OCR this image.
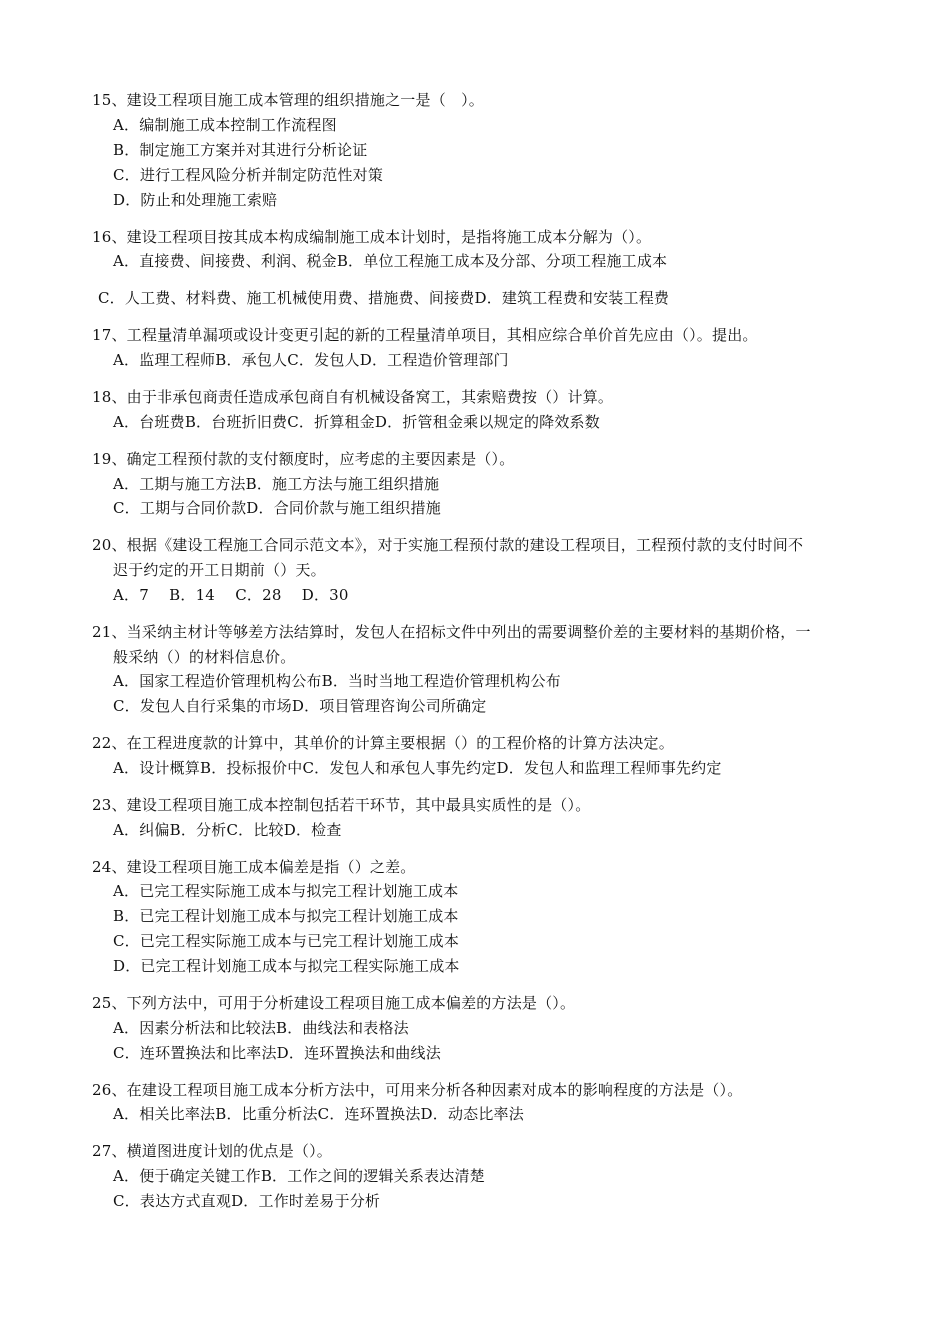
15、建设工程项目施工成本管理的组织措施之一是（　）。
A．编制施工成本控制工作流程图
B．制定施工方案并对其进行分析论证
C．进行工程风险分析并制定防范性对策
D．防止和处理施工索赔
16、建设工程项目按其成本构成编制施工成本计划时，是指将施工成本分解为（）。
A．直接费、间接费、利润、税金B．单位工程施工成本及分部、分项工程施工成本
C．人工费、材料费、施工机械使用费、措施费、间接费D．建筑工程费和安装工程费
17、工程量清单漏项或设计变更引起的新的工程量清单项目，其相应综合单价首先应由（）。提出。
A．监理工程师B．承包人C．发包人D．工程造价管理部门
18、由于非承包商责任造成承包商自有机械设备窝工，其索赔费按（）计算。
A．台班费B．台班折旧费C．折算租金D．折管租金乘以规定的降效系数
19、确定工程预付款的支付额度时，应考虑的主要因素是（）。
A．工期与施工方法B．施工方法与施工组织措施
C．工期与合同价款D．合同价款与施工组织措施
20、根据《建设工程施工合同示范文本》，对于实施工程预付款的建设工程项目，工程预付款的支付时间不
迟于约定的开工日期前（）天。
A．7　 B．14　 C．28　 D．30
21、当采纳主材计等够差方法结算时，发包人在招标文件中列出的需要调整价差的主要材料的基期价格，一
般采纳（）的材料信息价。
A．国家工程造价管理机构公布B．当时当地工程造价管理机构公布
C．发包人自行采集的市场D．项目管理咨询公司所确定
22、在工程进度款的计算中，其单价的计算主要根据（）的工程价格的计算方法决定。
A．设计概算B．投标报价中C．发包人和承包人事先约定D．发包人和监理工程师事先约定
23、建设工程项目施工成本控制包括若干环节，其中最具实质性的是（）。
A．纠偏B．分析C．比较D．检查
24、建设工程项目施工成本偏差是指（）之差。
A．已完工程实际施工成本与拟完工程计划施工成本
B．已完工程计划施工成本与拟完工程计划施工成本
C．已完工程实际施工成本与已完工程计划施工成本
D．已完工程计划施工成本与拟完工程实际施工成本
25、下列方法中，可用于分析建设工程项目施工成本偏差的方法是（）。
A．因素分析法和比较法B．曲线法和表格法
C．连环置换法和比率法D．连环置换法和曲线法
26、在建设工程项目施工成本分析方法中，可用来分析各种因素对成本的影响程度的方法是（）。
A．相关比率法B．比重分析法C．连环置换法D．动态比率法
27、横道图进度计划的优点是（）。
A．便于确定关键工作B．工作之间的逻辑关系表达清楚
C．表达方式直观D．工作时差易于分析
